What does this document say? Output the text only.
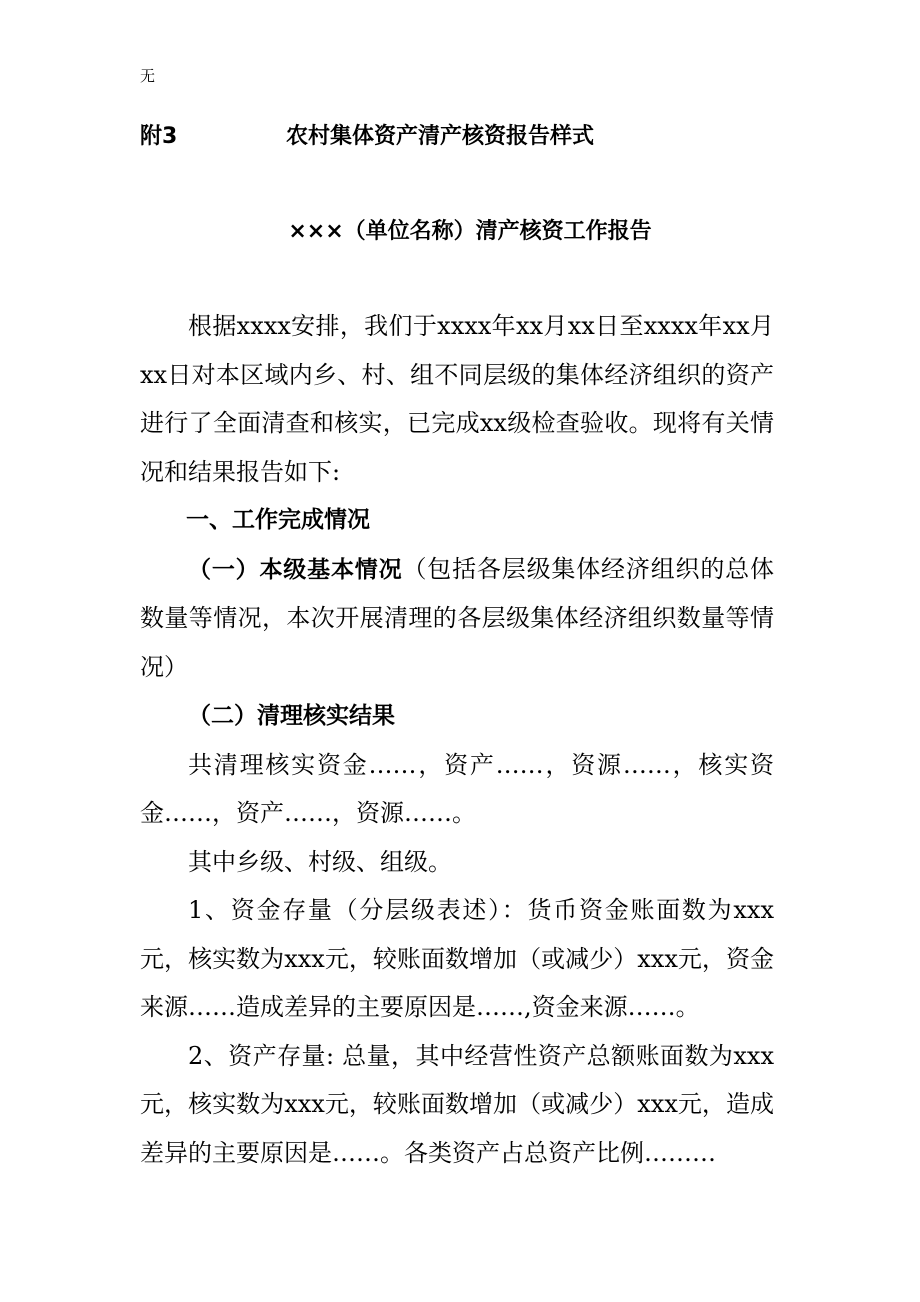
无
附3	农村集体资产清产核资报告样式
×××（单位名称）清产核资工作报告

根据xxxx安排，我们于xxxx年xx月xx日至xxxx年xx月xx日对本区域内乡、村、组不同层级的集体经济组织的资产进行了全面清查和核实，已完成xx级检查验收。现将有关情况和结果报告如下:

一、工作完成情况

（一）本级基本情况（包括各层级集体经济组织的总体数量等情况，本次开展清理的各层级集体经济组织数量等情况）

（二）清理核实结果

共清理核实资金……，资产……，资源……，核实资金……，资产……，资源……。

其中乡级、村级、组级。

1、资金存量（分层级表述）：货币资金账面数为xxx元，核实数为xxx元，较账面数增加（或减少）xxx元，资金来源……造成差异的主要原因是……,资金来源……。

2、资产存量: 总量，其中经营性资产总额账面数为xxx元，核实数为xxx元，较账面数增加（或减少）xxx元，造成差异的主要原因是……。各类资产占总资产比例………
